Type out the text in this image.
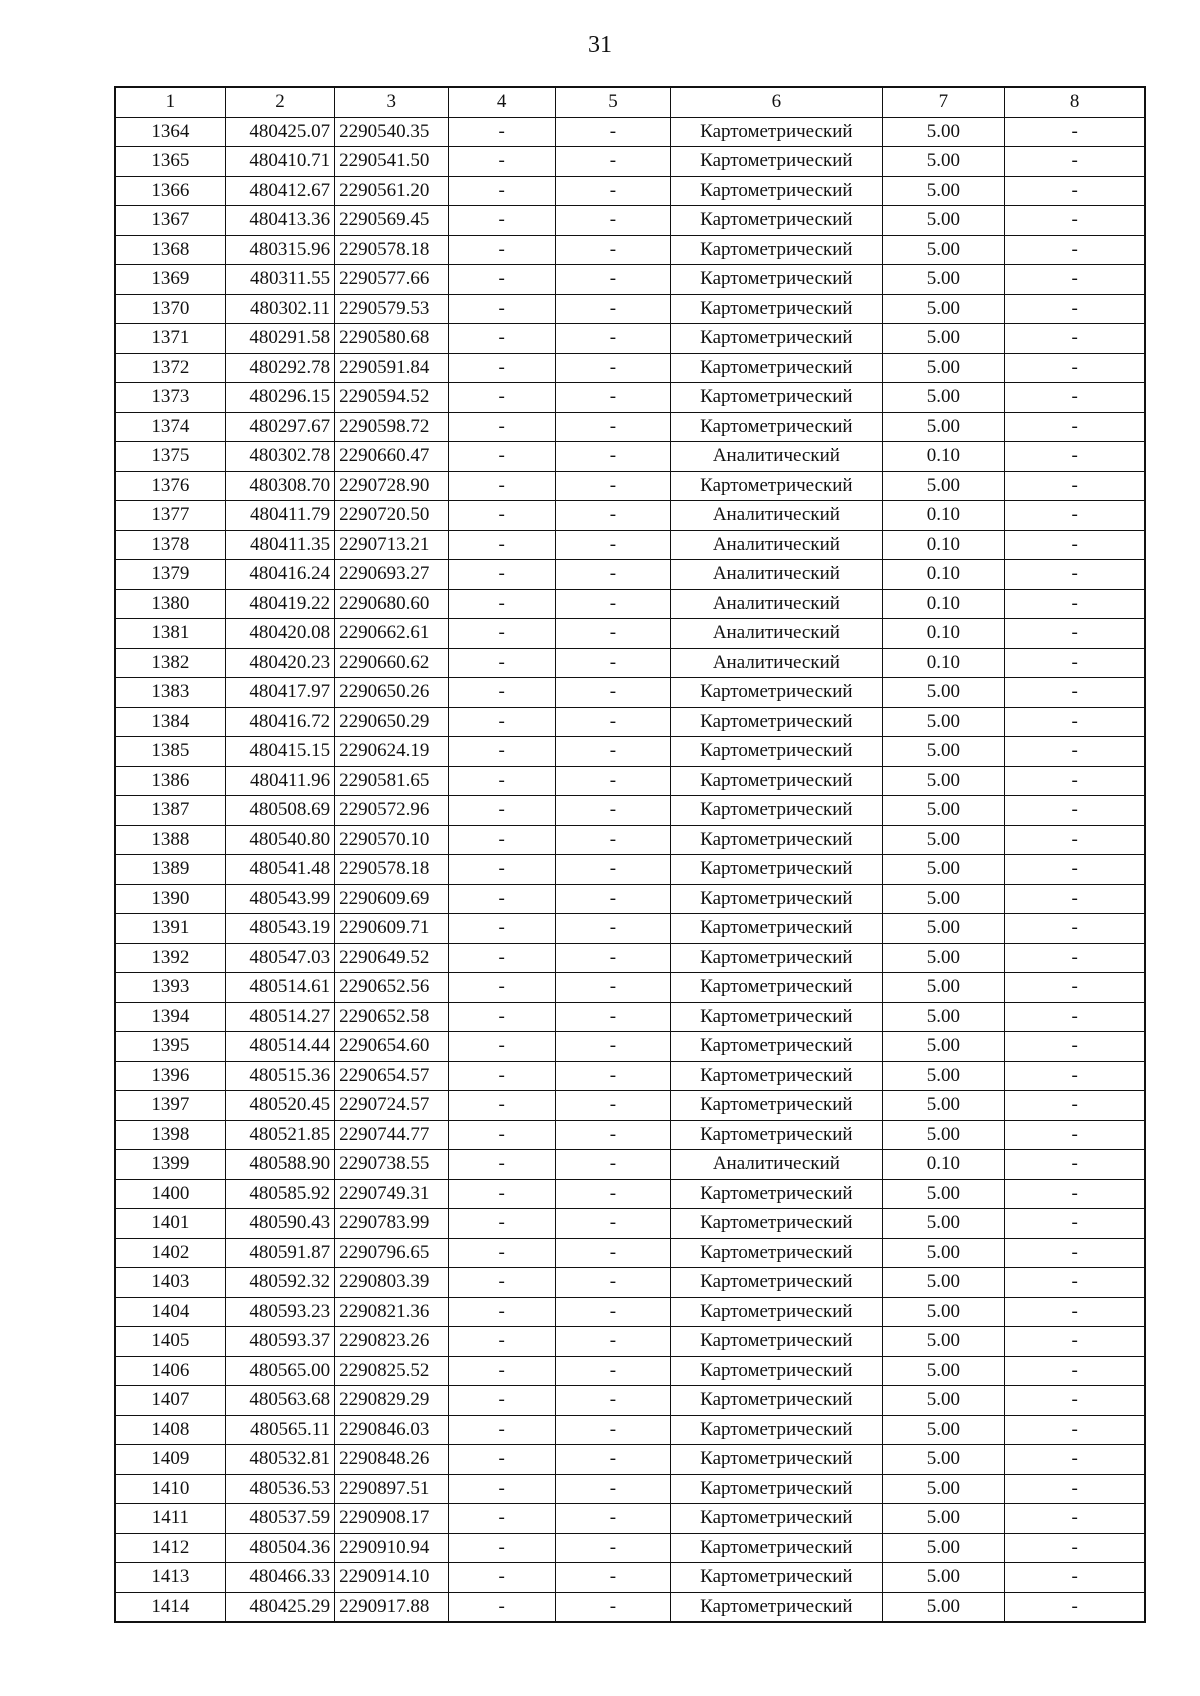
31
1	2	3	4	5	6	7	8
1364	480425.07	2290540.35	-	-	Картометрический	5.00	-
1365	480410.71	2290541.50	-	-	Картометрический	5.00	-
1366	480412.67	2290561.20	-	-	Картометрический	5.00	-
1367	480413.36	2290569.45	-	-	Картометрический	5.00	-
1368	480315.96	2290578.18	-	-	Картометрический	5.00	-
1369	480311.55	2290577.66	-	-	Картометрический	5.00	-
1370	480302.11	2290579.53	-	-	Картометрический	5.00	-
1371	480291.58	2290580.68	-	-	Картометрический	5.00	-
1372	480292.78	2290591.84	-	-	Картометрический	5.00	-
1373	480296.15	2290594.52	-	-	Картометрический	5.00	-
1374	480297.67	2290598.72	-	-	Картометрический	5.00	-
1375	480302.78	2290660.47	-	-	Аналитический	0.10	-
1376	480308.70	2290728.90	-	-	Картометрический	5.00	-
1377	480411.79	2290720.50	-	-	Аналитический	0.10	-
1378	480411.35	2290713.21	-	-	Аналитический	0.10	-
1379	480416.24	2290693.27	-	-	Аналитический	0.10	-
1380	480419.22	2290680.60	-	-	Аналитический	0.10	-
1381	480420.08	2290662.61	-	-	Аналитический	0.10	-
1382	480420.23	2290660.62	-	-	Аналитический	0.10	-
1383	480417.97	2290650.26	-	-	Картометрический	5.00	-
1384	480416.72	2290650.29	-	-	Картометрический	5.00	-
1385	480415.15	2290624.19	-	-	Картометрический	5.00	-
1386	480411.96	2290581.65	-	-	Картометрический	5.00	-
1387	480508.69	2290572.96	-	-	Картометрический	5.00	-
1388	480540.80	2290570.10	-	-	Картометрический	5.00	-
1389	480541.48	2290578.18	-	-	Картометрический	5.00	-
1390	480543.99	2290609.69	-	-	Картометрический	5.00	-
1391	480543.19	2290609.71	-	-	Картометрический	5.00	-
1392	480547.03	2290649.52	-	-	Картометрический	5.00	-
1393	480514.61	2290652.56	-	-	Картометрический	5.00	-
1394	480514.27	2290652.58	-	-	Картометрический	5.00	-
1395	480514.44	2290654.60	-	-	Картометрический	5.00	-
1396	480515.36	2290654.57	-	-	Картометрический	5.00	-
1397	480520.45	2290724.57	-	-	Картометрический	5.00	-
1398	480521.85	2290744.77	-	-	Картометрический	5.00	-
1399	480588.90	2290738.55	-	-	Аналитический	0.10	-
1400	480585.92	2290749.31	-	-	Картометрический	5.00	-
1401	480590.43	2290783.99	-	-	Картометрический	5.00	-
1402	480591.87	2290796.65	-	-	Картометрический	5.00	-
1403	480592.32	2290803.39	-	-	Картометрический	5.00	-
1404	480593.23	2290821.36	-	-	Картометрический	5.00	-
1405	480593.37	2290823.26	-	-	Картометрический	5.00	-
1406	480565.00	2290825.52	-	-	Картометрический	5.00	-
1407	480563.68	2290829.29	-	-	Картометрический	5.00	-
1408	480565.11	2290846.03	-	-	Картометрический	5.00	-
1409	480532.81	2290848.26	-	-	Картометрический	5.00	-
1410	480536.53	2290897.51	-	-	Картометрический	5.00	-
1411	480537.59	2290908.17	-	-	Картометрический	5.00	-
1412	480504.36	2290910.94	-	-	Картометрический	5.00	-
1413	480466.33	2290914.10	-	-	Картометрический	5.00	-
1414	480425.29	2290917.88	-	-	Картометрический	5.00	-
